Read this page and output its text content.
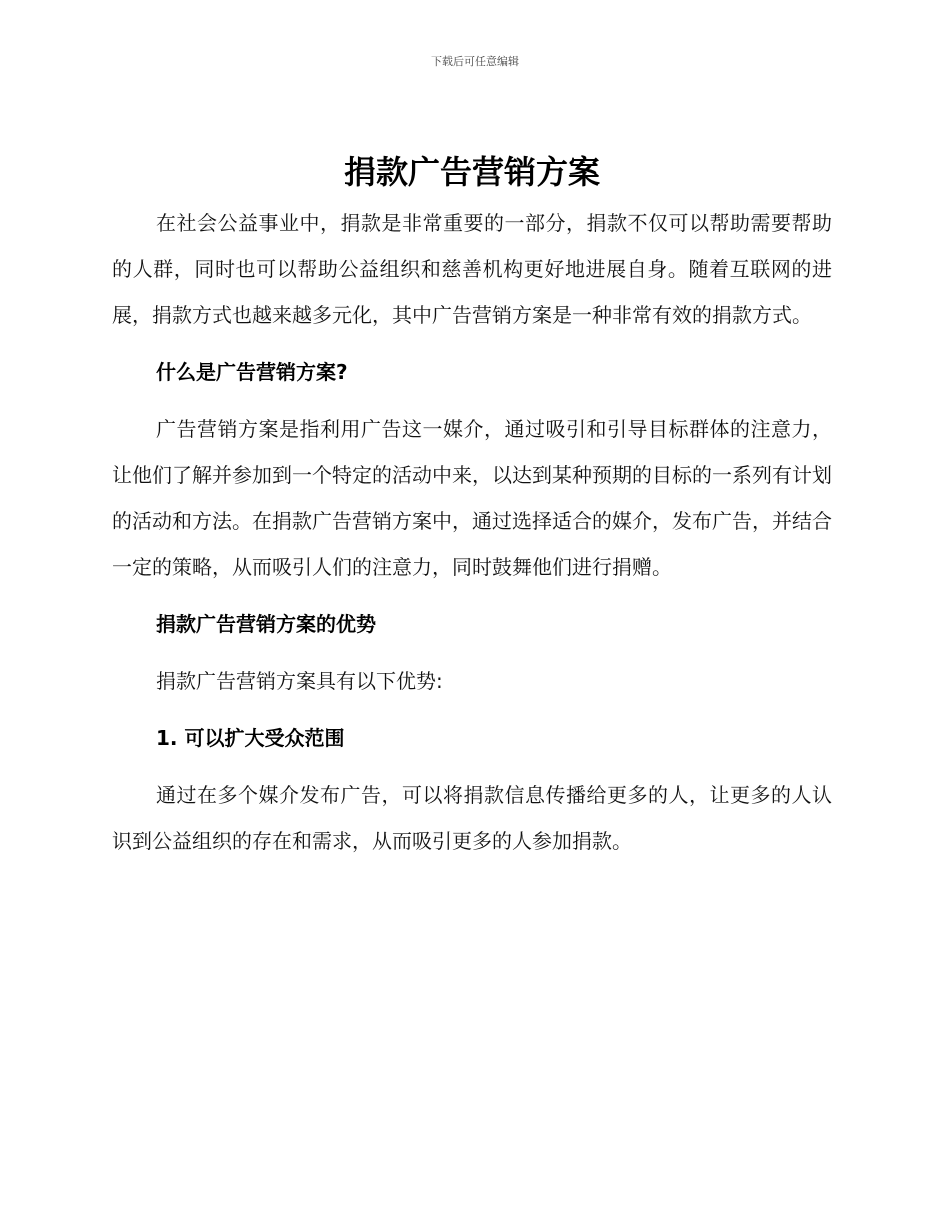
下载后可任意编辑
捐款广告营销方案

在社会公益事业中，捐款是非常重要的一部分，捐款不仅可以帮助需要帮助的人群，同时也可以帮助公益组织和慈善机构更好地进展自身。随着互联网的进展，捐款方式也越来越多元化，其中广告营销方案是一种非常有效的捐款方式。

什么是广告营销方案?

广告营销方案是指利用广告这一媒介，通过吸引和引导目标群体的注意力，让他们了解并参加到一个特定的活动中来，以达到某种预期的目标的一系列有计划的活动和方法。在捐款广告营销方案中，通过选择适合的媒介，发布广告，并结合一定的策略，从而吸引人们的注意力，同时鼓舞他们进行捐赠。

捐款广告营销方案的优势

捐款广告营销方案具有以下优势:

1. 可以扩大受众范围

通过在多个媒介发布广告，可以将捐款信息传播给更多的人，让更多的人认识到公益组织的存在和需求，从而吸引更多的人参加捐款。
